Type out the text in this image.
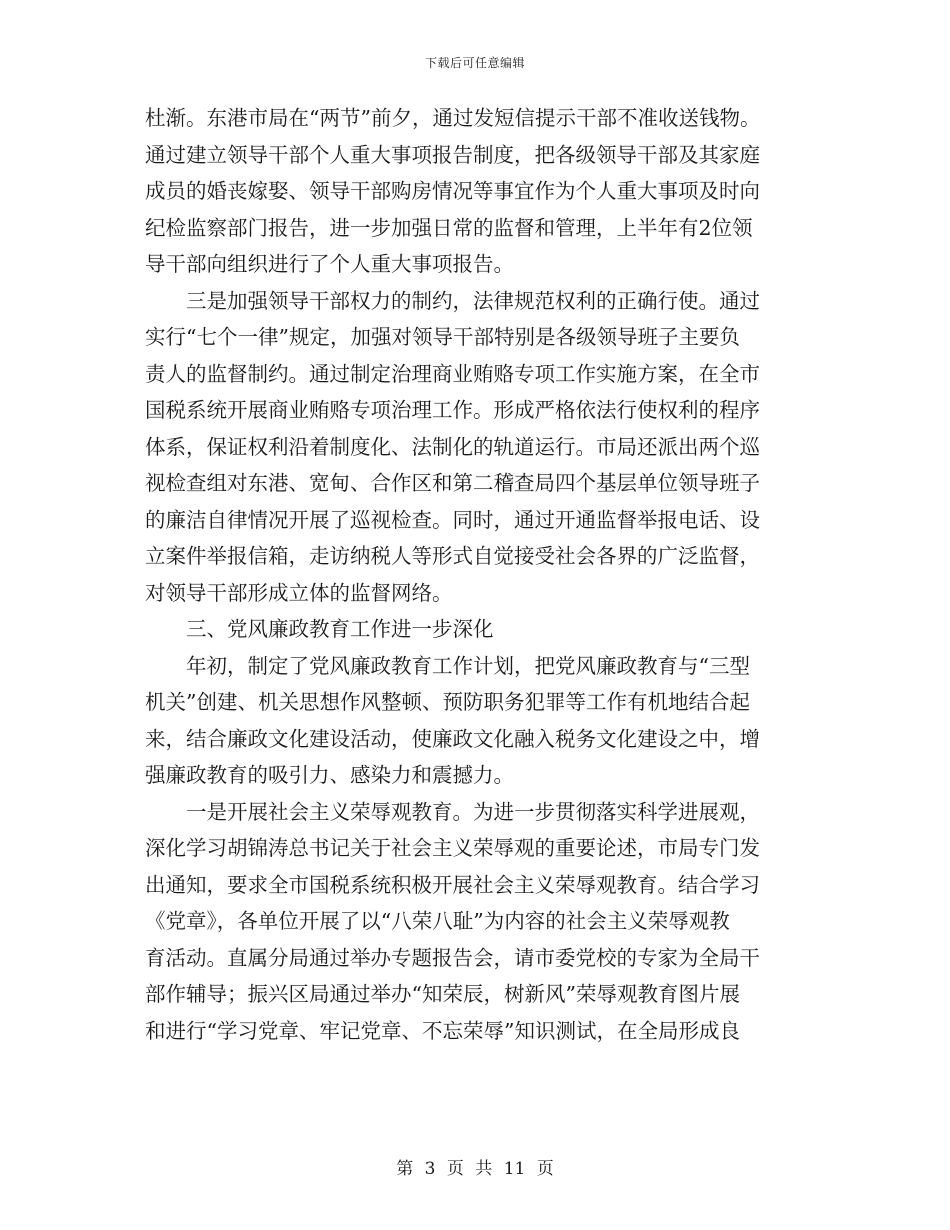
下载后可任意编辑

杜渐。东港市局在“两节”前夕，通过发短信提示干部不准收送钱物。
通过建立领导干部个人重大事项报告制度，把各级领导干部及其家庭
成员的婚丧嫁娶、领导干部购房情况等事宜作为个人重大事项及时向
纪检监察部门报告，进一步加强日常的监督和管理，上半年有2位领
导干部向组织进行了个人重大事项报告。

三是加强领导干部权力的制约，法律规范权利的正确行使。通过
实行“七个一律”规定，加强对领导干部特别是各级领导班子主要负
责人的监督制约。通过制定治理商业贿赂专项工作实施方案，在全市
国税系统开展商业贿赂专项治理工作。形成严格依法行使权利的程序
体系，保证权利沿着制度化、法制化的轨道运行。市局还派出两个巡
视检查组对东港、宽甸、合作区和第二稽查局四个基层单位领导班子
的廉洁自律情况开展了巡视检查。同时，通过开通监督举报电话、设
立案件举报信箱，走访纳税人等形式自觉接受社会各界的广泛监督，
对领导干部形成立体的监督网络。

三、党风廉政教育工作进一步深化

年初，制定了党风廉政教育工作计划，把党风廉政教育与“三型
机关”创建、机关思想作风整顿、预防职务犯罪等工作有机地结合起
来，结合廉政文化建设活动，使廉政文化融入税务文化建设之中，增
强廉政教育的吸引力、感染力和震撼力。

一是开展社会主义荣辱观教育。为进一步贯彻落实科学进展观，
深化学习胡锦涛总书记关于社会主义荣辱观的重要论述，市局专门发
出通知，要求全市国税系统积极开展社会主义荣辱观教育。结合学习
《党章》，各单位开展了以“八荣八耻”为内容的社会主义荣辱观教
育活动。直属分局通过举办专题报告会，请市委党校的专家为全局干
部作辅导；振兴区局通过举办“知荣辰，树新风”荣辱观教育图片展
和进行“学习党章、牢记党章、不忘荣辱”知识测试，在全局形成良

第 3 页 共 11 页
